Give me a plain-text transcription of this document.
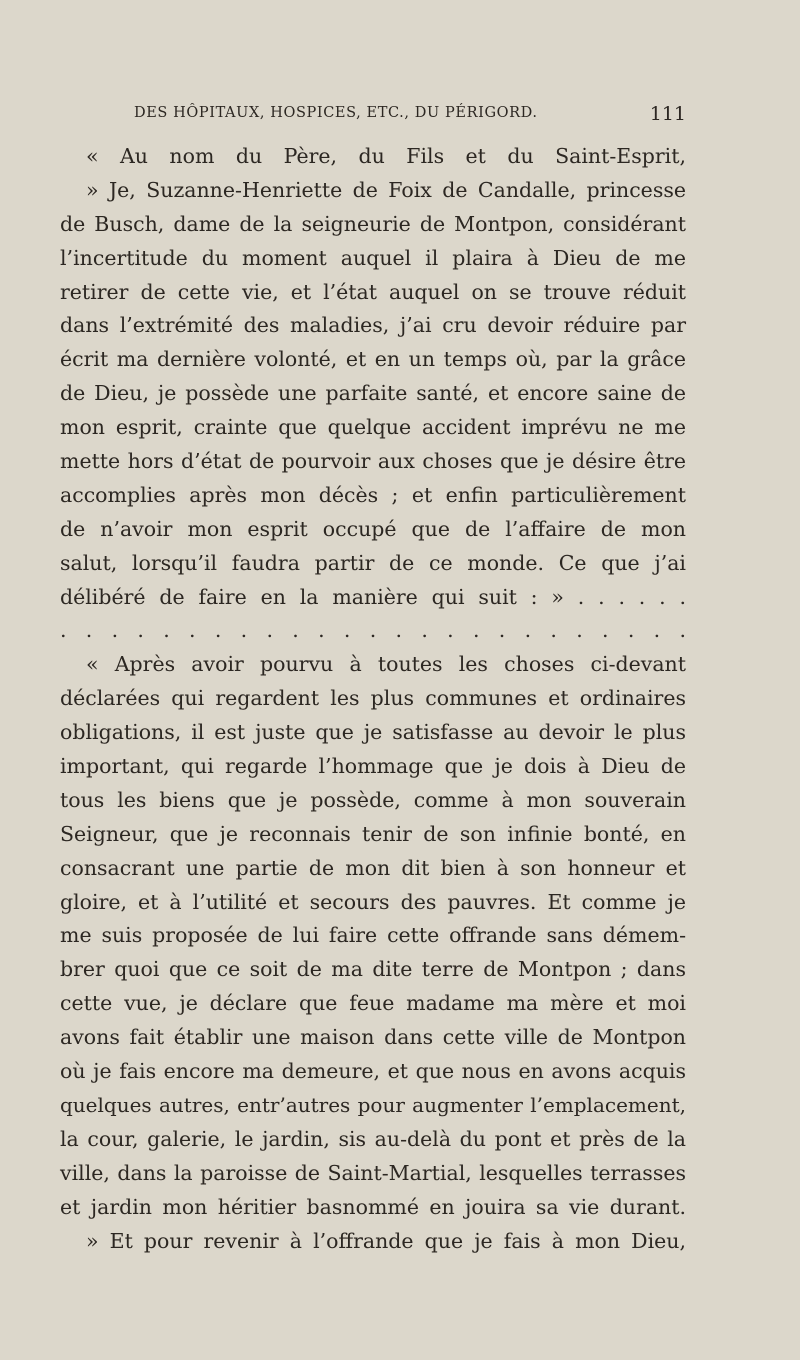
DES HÔPITAUX, HOSPICES, ETC., DU PÉRIGORD.	111
« Au nom du Père, du Fils et du Saint-Esprit,
» Je, Suzanne-Henriette de Foix de Candalle, princesse
de Busch, dame de la seigneurie de Montpon, considérant
l’incertitude du moment auquel il plaira à Dieu de me
retirer de cette vie, et l’état auquel on se trouve réduit
dans l’extrémité des maladies, j’ai cru devoir réduire par
écrit ma dernière volonté, et en un temps où, par la grâce
de Dieu, je possède une parfaite santé, et encore saine de
mon esprit, crainte que quelque accident imprévu ne me
mette hors d’état de pourvoir aux choses que je désire être
accomplies après mon décès ; et enfin particulièrement
de n’avoir mon esprit occupé que de l’affaire de mon
salut, lorsqu’il faudra partir de ce monde. Ce que j’ai
délibéré de faire en la manière qui suit : » . . . . . .
. . . . . . . . . . . . . . . . . . . . . . . . .
« Après avoir pourvu à toutes les choses ci-devant
déclarées qui regardent les plus communes et ordinaires
obligations, il est juste que je satisfasse au devoir le plus
important, qui regarde l’hommage que je dois à Dieu de
tous les biens que je possède, comme à mon souverain
Seigneur, que je reconnais tenir de son infinie bonté, en
consacrant une partie de mon dit bien à son honneur et
gloire, et à l’utilité et secours des pauvres. Et comme je
me suis proposée de lui faire cette offrande sans démem-
brer quoi que ce soit de ma dite terre de Montpon ; dans
cette vue, je déclare que feue madame ma mère et moi
avons fait établir une maison dans cette ville de Montpon
où je fais encore ma demeure, et que nous en avons acquis
quelques autres, entr’autres pour augmenter l’emplacement,
la cour, galerie, le jardin, sis au-delà du pont et près de la
ville, dans la paroisse de Saint-Martial, lesquelles terrasses
et jardin mon héritier basnommé en jouira sa vie durant.
» Et pour revenir à l’offrande que je fais à mon Dieu,
